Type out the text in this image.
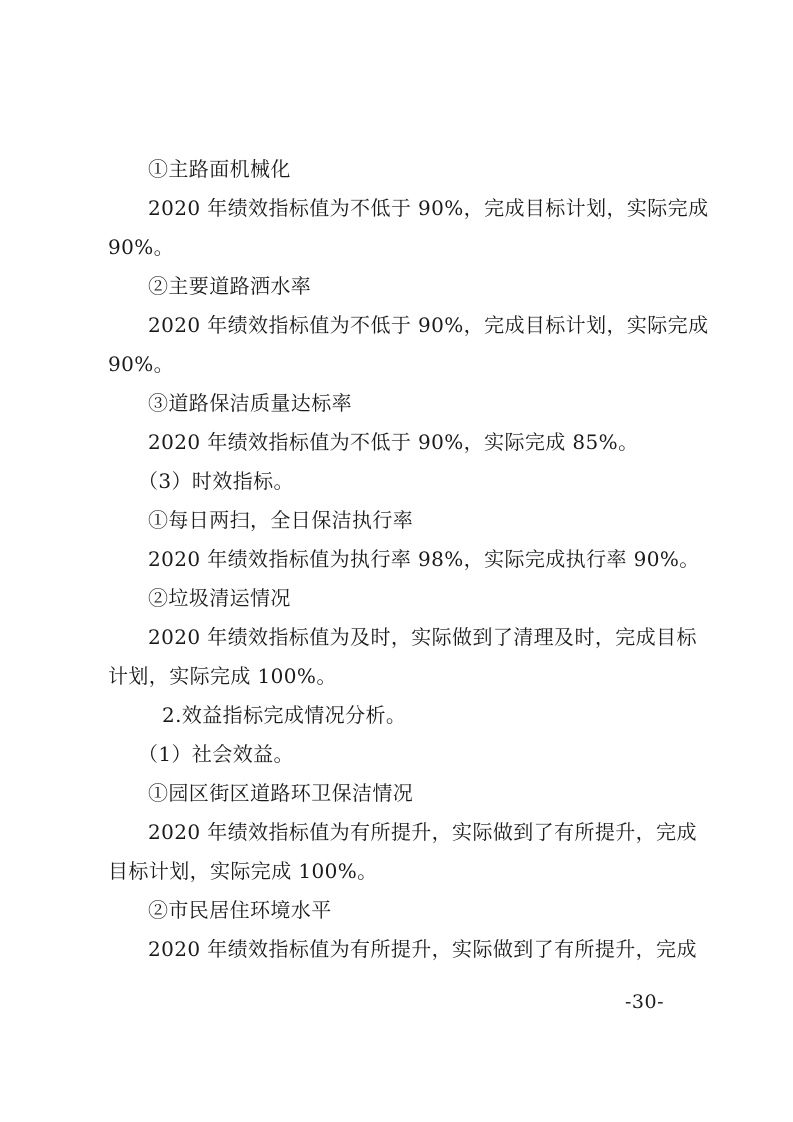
①主路面机械化
2020 年绩效指标值为不低于 90%，完成目标计划，实际完成
90%。
②主要道路洒水率
2020 年绩效指标值为不低于 90%，完成目标计划，实际完成
90%。
③道路保洁质量达标率
2020 年绩效指标值为不低于 90%，实际完成 85%。
（3）时效指标。
①每日两扫，全日保洁执行率
2020 年绩效指标值为执行率 98%，实际完成执行率 90%。
②垃圾清运情况
2020 年绩效指标值为及时，实际做到了清理及时，完成目标
计划，实际完成 100%。
2.效益指标完成情况分析。
（1）社会效益。
①园区街区道路环卫保洁情况
2020 年绩效指标值为有所提升，实际做到了有所提升，完成
目标计划，实际完成 100%。
②市民居住环境水平
2020 年绩效指标值为有所提升，实际做到了有所提升，完成
-30-
